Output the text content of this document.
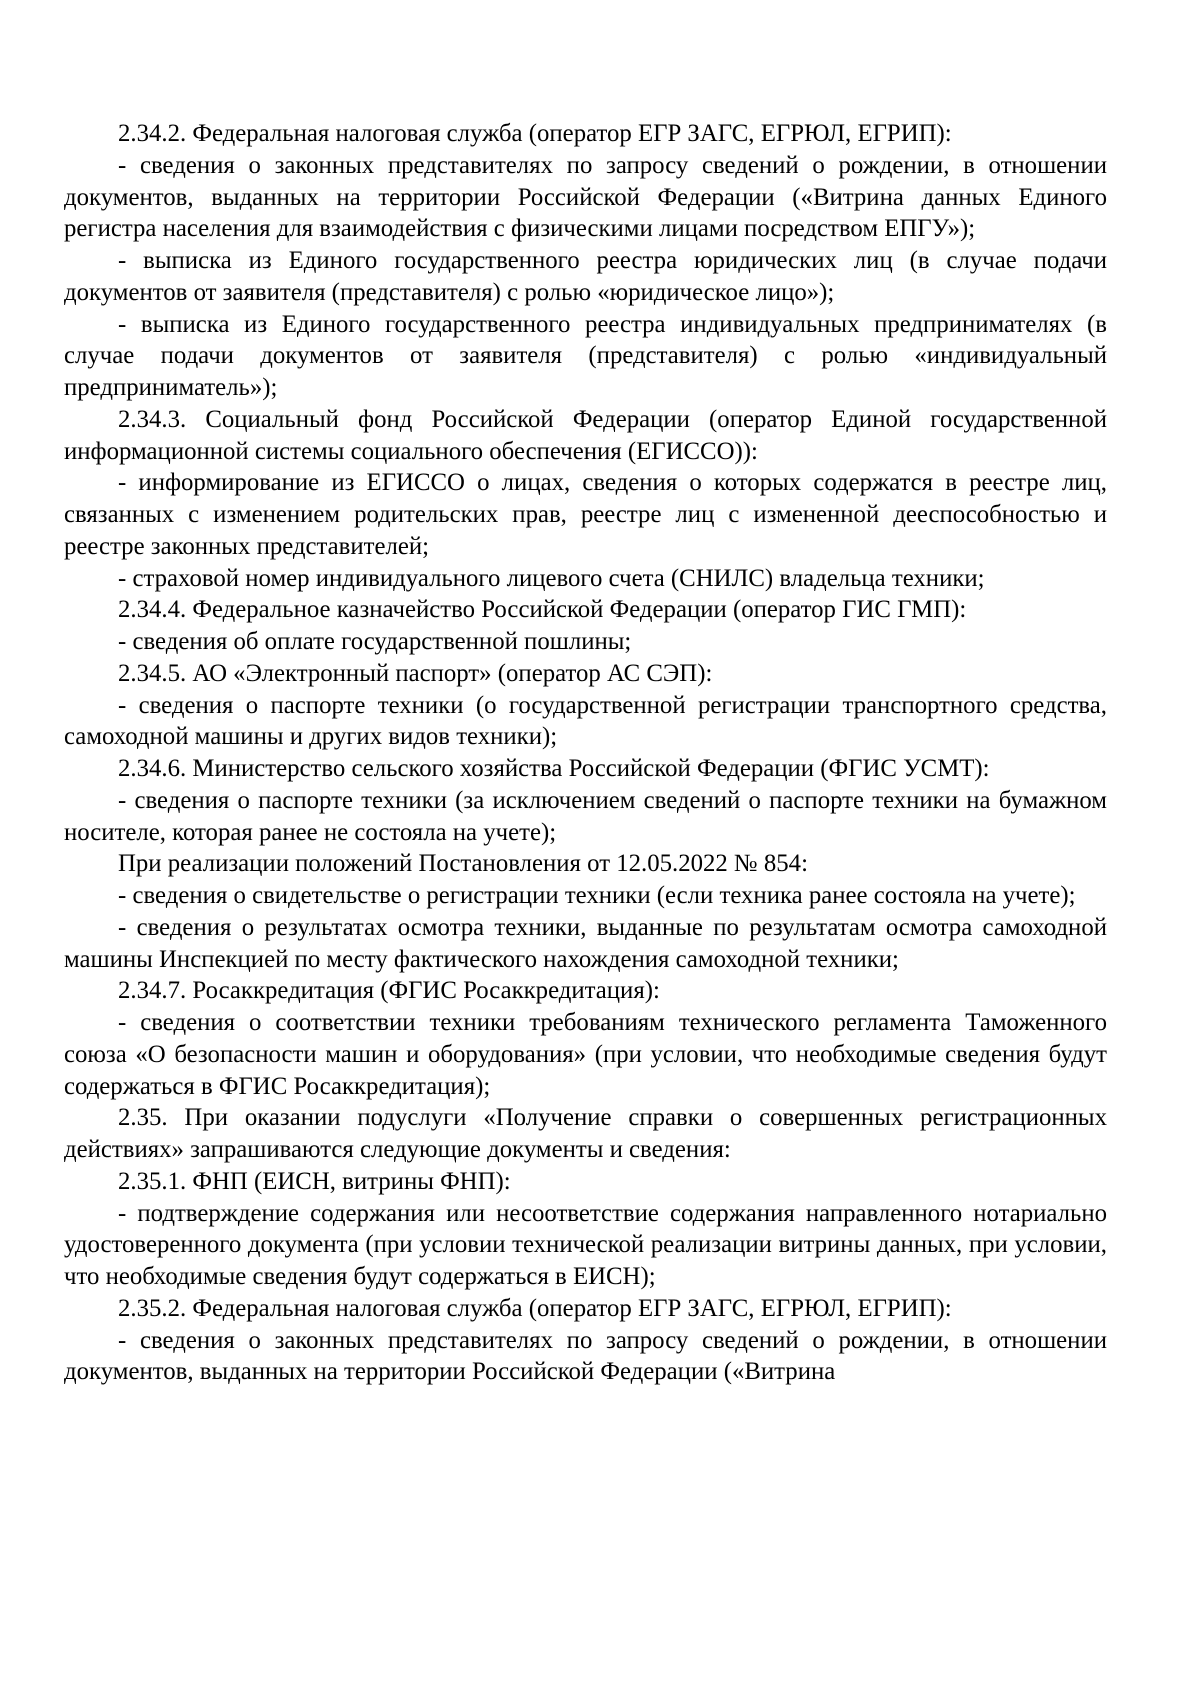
2.34.2. Федеральная налоговая служба (оператор ЕГР ЗАГС, ЕГРЮЛ, ЕГРИП):

- сведения о законных представителях по запросу сведений о рождении, в отношении документов, выданных на территории Российской Федерации («Витрина данных Единого регистра населения для взаимодействия с физическими лицами посредством ЕПГУ»);

- выписка из Единого государственного реестра юридических лиц (в случае подачи документов от заявителя (представителя) с ролью «юридическое лицо»);

- выписка из Единого государственного реестра индивидуальных предпринимателях (в случае подачи документов от заявителя (представителя) с ролью «индивидуальный предприниматель»);

2.34.3. Социальный фонд Российской Федерации (оператор Единой государственной информационной системы социального обеспечения (ЕГИССО)):

- информирование из ЕГИССО о лицах, сведения о которых содержатся в реестре лиц, связанных с изменением родительских прав, реестре лиц с измененной дееспособностью и реестре законных представителей;

- страховой номер индивидуального лицевого счета (СНИЛС) владельца техники;

2.34.4. Федеральное казначейство Российской Федерации (оператор ГИС ГМП):

- сведения об оплате государственной пошлины;

2.34.5. АО «Электронный паспорт» (оператор АС СЭП):

- сведения о паспорте техники (о государственной регистрации транспортного средства, самоходной машины и других видов техники);

2.34.6. Министерство сельского хозяйства Российской Федерации (ФГИС УСМТ):

- сведения о паспорте техники (за исключением сведений о паспорте техники на бумажном носителе, которая ранее не состояла на учете);

При реализации положений Постановления от 12.05.2022 № 854:

- сведения о свидетельстве о регистрации техники (если техника ранее состояла на учете);

- сведения о результатах осмотра техники, выданные по результатам осмотра самоходной машины Инспекцией по месту фактического нахождения самоходной техники;

2.34.7. Росаккредитация (ФГИС Росаккредитация):

- сведения о соответствии техники требованиям технического регламента Таможенного союза «О безопасности машин и оборудования» (при условии, что необходимые сведения будут содержаться в ФГИС Росаккредитация);

2.35. При оказании подуслуги «Получение справки о совершенных регистрационных действиях» запрашиваются следующие документы и сведения:

2.35.1. ФНП (ЕИСН, витрины ФНП):

- подтверждение содержания или несоответствие содержания направленного нотариально удостоверенного документа (при условии технической реализации витрины данных, при условии, что необходимые сведения будут содержаться в ЕИСН);

2.35.2. Федеральная налоговая служба (оператор ЕГР ЗАГС, ЕГРЮЛ, ЕГРИП):

- сведения о законных представителях по запросу сведений о рождении, в отношении документов, выданных на территории Российской Федерации («Витрина
